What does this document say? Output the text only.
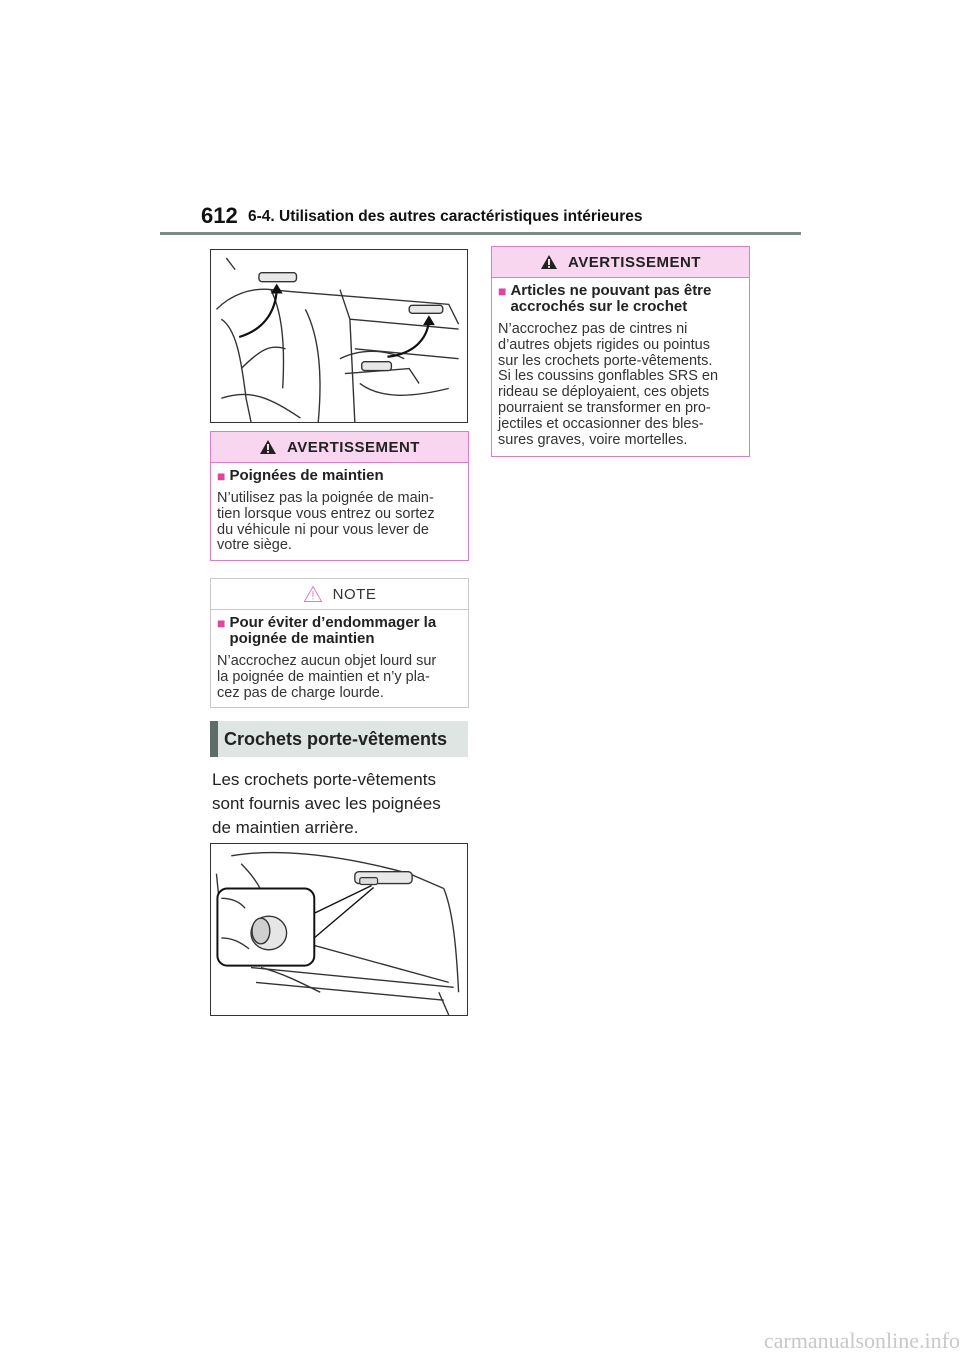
612 6-4. Utilisation des autres caractéristiques intérieures
AVERTISSEMENT
■ Poignées de maintien
N’utilisez pas la poignée de main-
tien lorsque vous entrez ou sortez
du véhicule ni pour vous lever de
votre siège.
NOTE
■ Pour éviter d’endommager la
poignée de maintien
N’accrochez aucun objet lourd sur
la poignée de maintien et n’y pla-
cez pas de charge lourde.
Crochets porte-vêtements
Les crochets porte-vêtements
sont fournis avec les poignées
de maintien arrière.
AVERTISSEMENT
■ Articles ne pouvant pas être
accrochés sur le crochet
N’accrochez pas de cintres ni
d’autres objets rigides ou pointus
sur les crochets porte-vêtements.
Si les coussins gonflables SRS en
rideau se déployaient, ces objets
pourraient se transformer en pro-
jectiles et occasionner des bles-
sures graves, voire mortelles.
carmanualsonline.info
